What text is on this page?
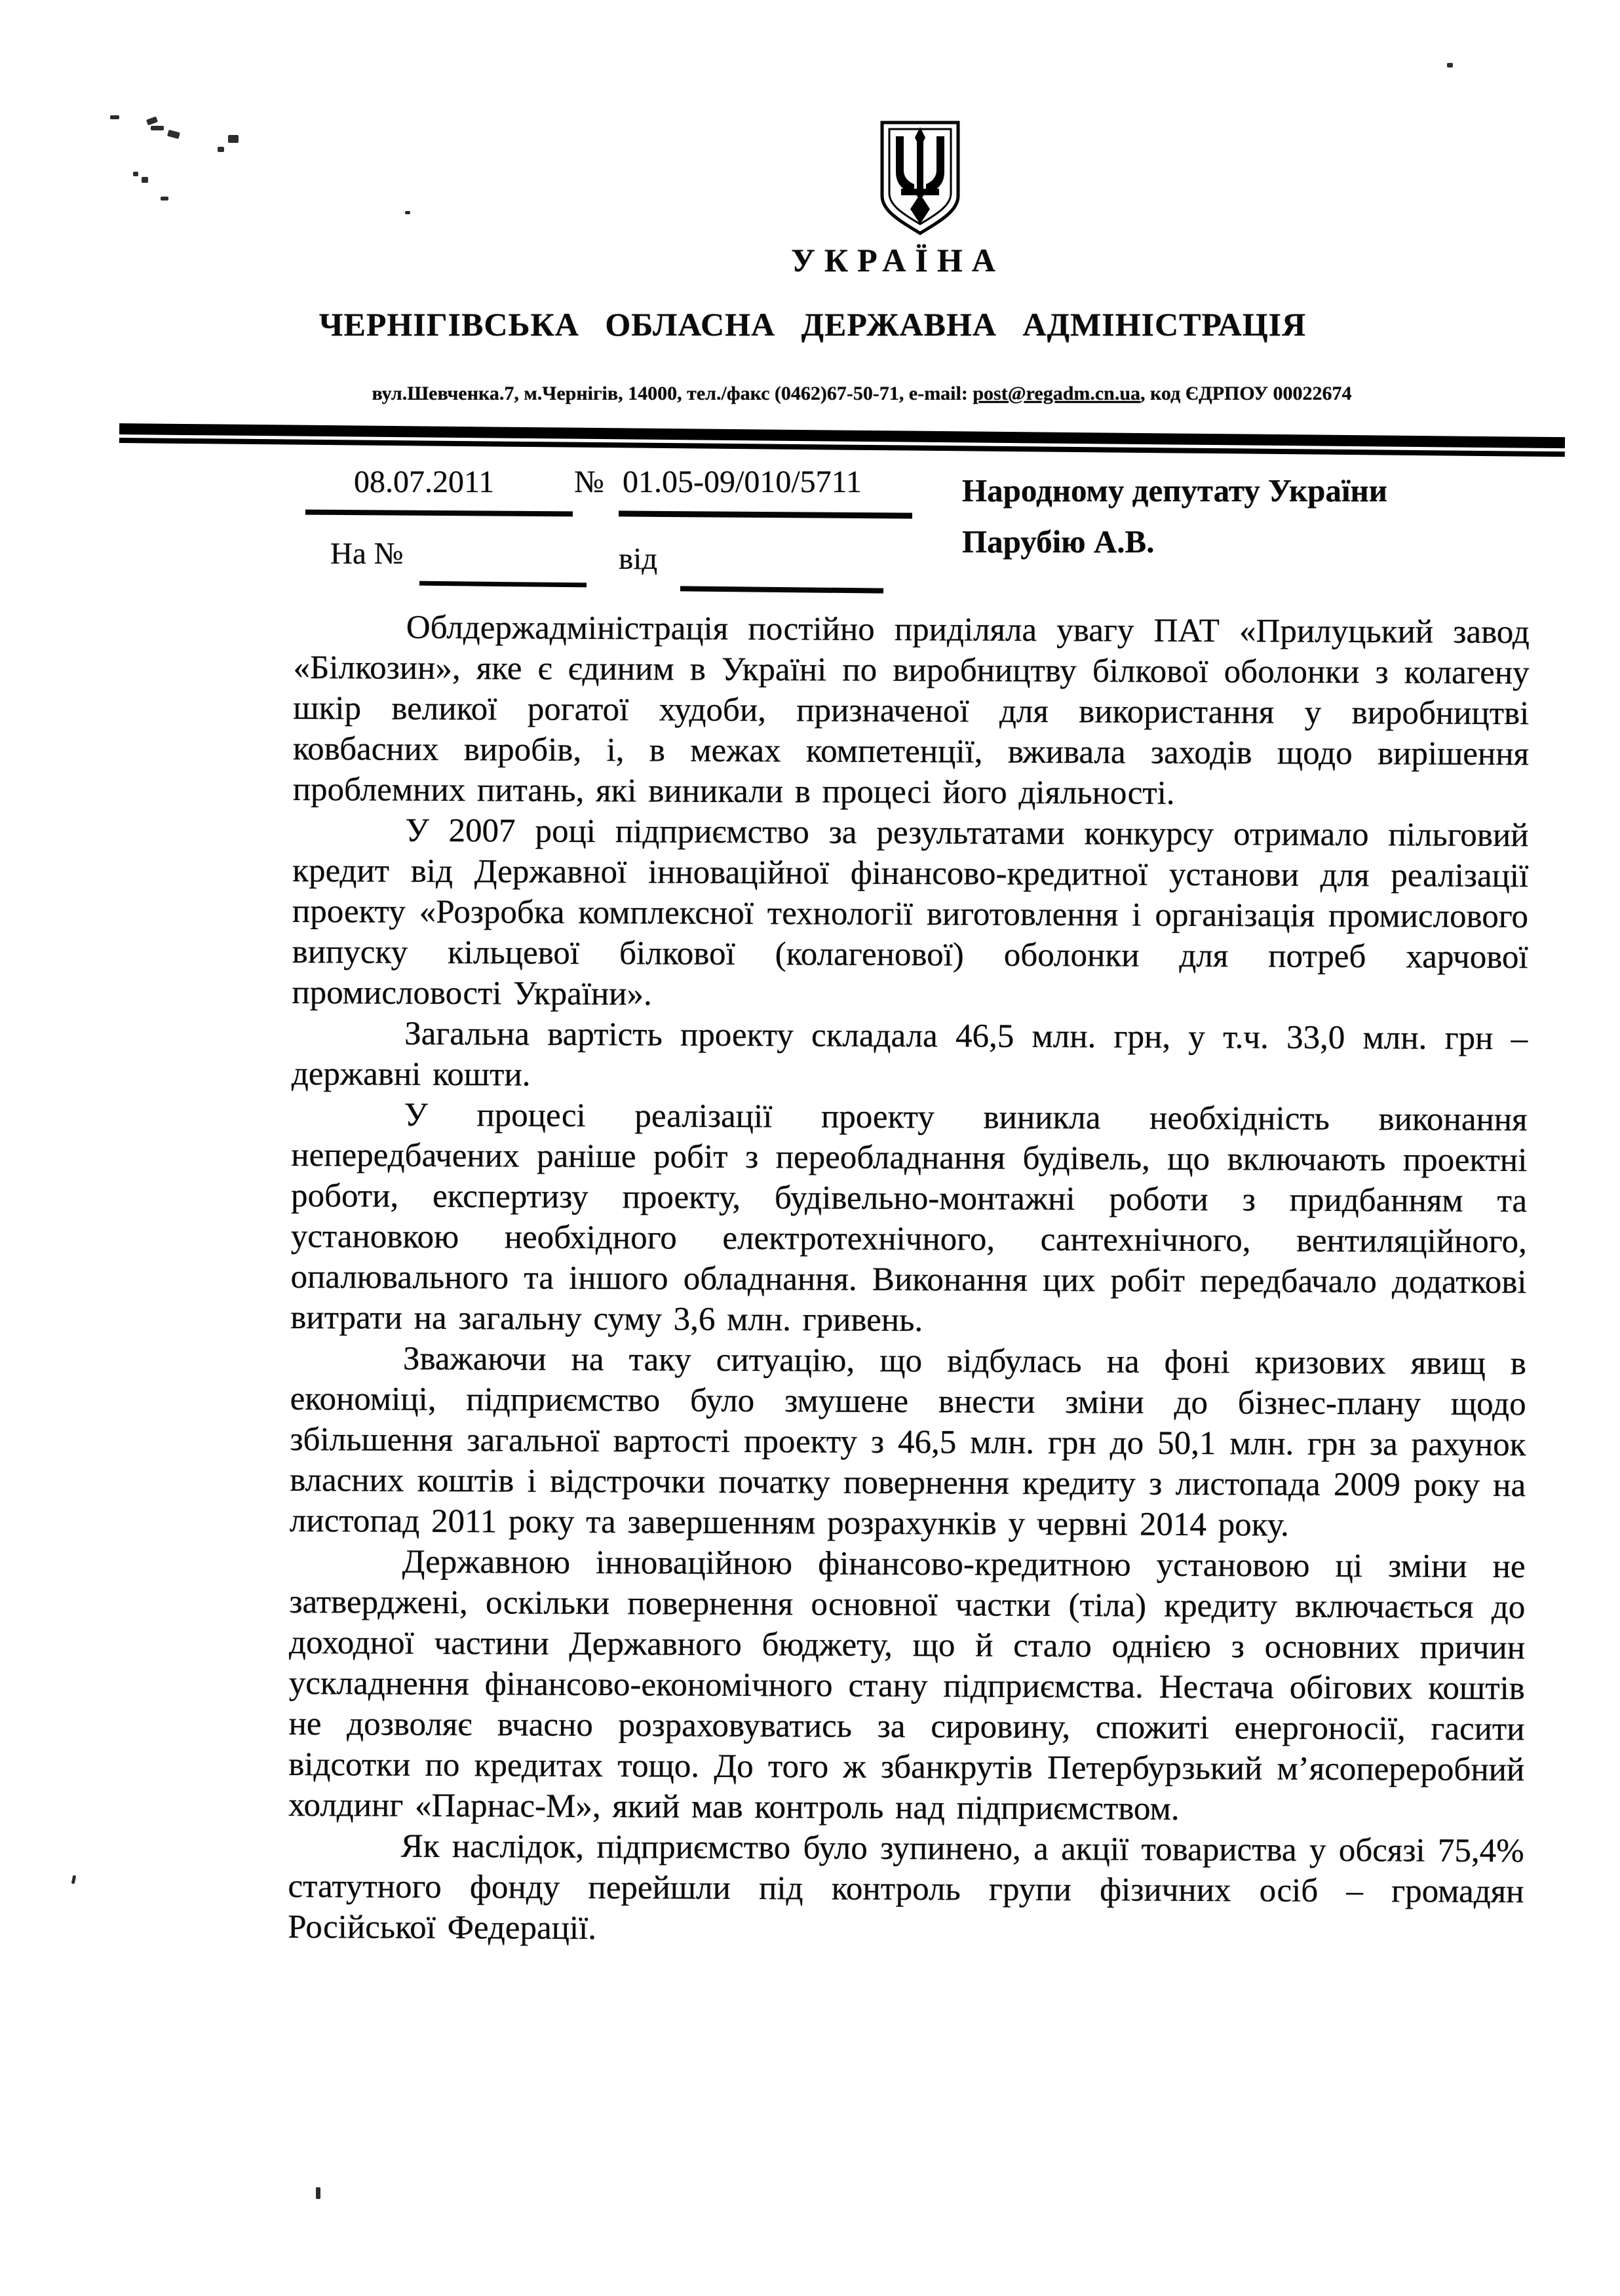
УКРАЇНА
ЧЕРНІГІВСЬКА ОБЛАСНА ДЕРЖАВНА АДМІНІСТРАЦІЯ
вул.Шевченка.7, м.Чернігів, 14000, тел./факс (0462)67-50-71, e-mail: post@regadm.cn.ua, код ЄДРПОУ 00022674
08.07.2011	№ 01.05-09/010/5711
На №	від
Народному депутату України
Парубію А.В.

Облдержадміністрація постійно приділяла увагу ПАТ «Прилуцький завод «Білкозин», яке є єдиним в Україні по виробництву білкової оболонки з колагену шкір великої рогатої худоби, призначеної для використання у виробництві ковбасних виробів, і, в межах компетенції, вживала заходів щодо вирішення проблемних питань, які виникали в процесі його діяльності.

У 2007 році підприємство за результатами конкурсу отримало пільговий кредит від Державної інноваційної фінансово-кредитної установи для реалізації проекту «Розробка комплексної технології виготовлення і організація промислового випуску кільцевої білкової (колагенової) оболонки для потреб харчової промисловості України».

Загальна вартість проекту складала 46,5 млн. грн, у т.ч. 33,0 млн. грн – державні кошти.

У процесі реалізації проекту виникла необхідність виконання непередбачених раніше робіт з переобладнання будівель, що включають проектні роботи, експертизу проекту, будівельно-монтажні роботи з придбанням та установкою необхідного електротехнічного, сантехнічного, вентиляційного, опалювального та іншого обладнання. Виконання цих робіт передбачало додаткові витрати на загальну суму 3,6 млн. гривень.

Зважаючи на таку ситуацію, що відбулась на фоні кризових явищ в економіці, підприємство було змушене внести зміни до бізнес-плану щодо збільшення загальної вартості проекту з 46,5 млн. грн до 50,1 млн. грн за рахунок власних коштів і відстрочки початку повернення кредиту з листопада 2009 року на листопад 2011 року та завершенням розрахунків у червні 2014 року.

Державною інноваційною фінансово-кредитною установою ці зміни не затверджені, оскільки повернення основної частки (тіла) кредиту включається до доходної частини Державного бюджету, що й стало однією з основних причин ускладнення фінансово-економічного стану підприємства. Нестача обігових коштів не дозволяє вчасно розраховуватись за сировину, спожиті енергоносії, гасити відсотки по кредитах тощо. До того ж збанкрутів Петербурзький м’ясопереробний холдинг «Парнас-М», який мав контроль над підприємством.

Як наслідок, підприємство було зупинено, а акції товариства у обсязі 75,4% статутного фонду перейшли під контроль групи фізичних осіб – громадян Російської Федерації.
